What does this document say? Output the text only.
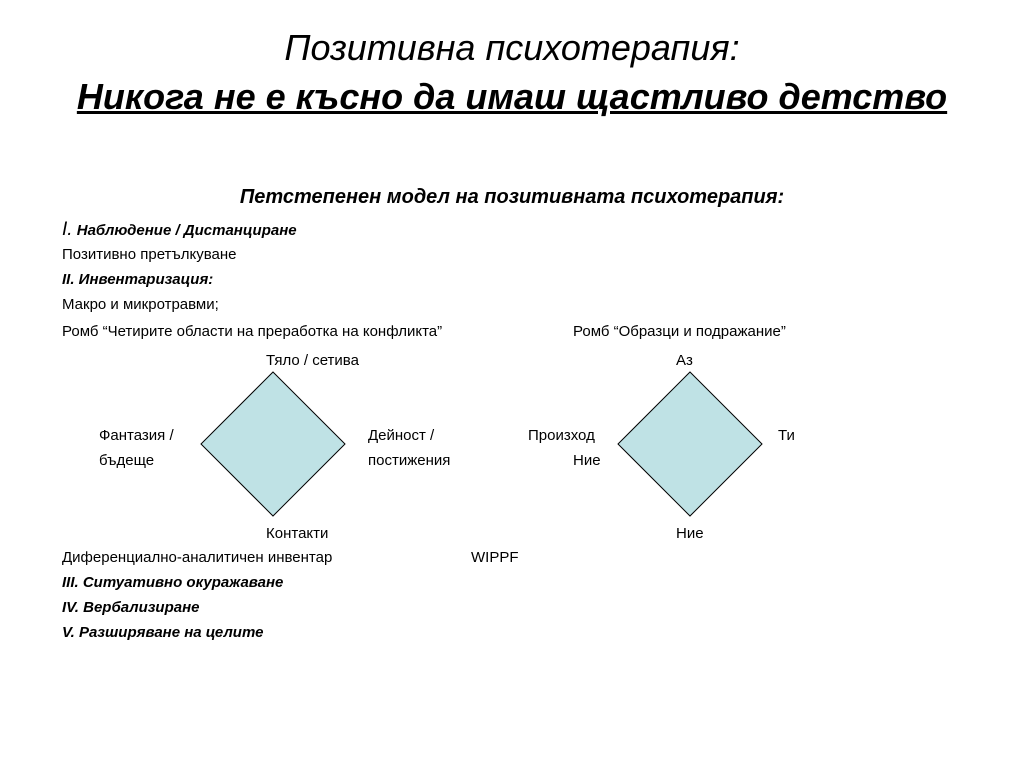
Позитивна психотерапия:
Никога не е късно да имаш щастливо детство
Петстепенен модел на позитивната психотерапия:
I. Наблюдение / Дистанциране
Позитивно претълкуване
II. Инвентаризация:
Макро и микротравми;
Ромб “Четирите области на преработка на конфликта”	Ромб “Образци и подражание”
Тяло / сетива
Фантазия /
бъдеще
Дейност /
постижения
Контакти
Аз
Произход
Ние
Ти
Ние
Диференциално-аналитичен инвентар	WIPPF
III. Ситуативно окуражаване
IV. Вербализиране
V. Разширяване на целите
